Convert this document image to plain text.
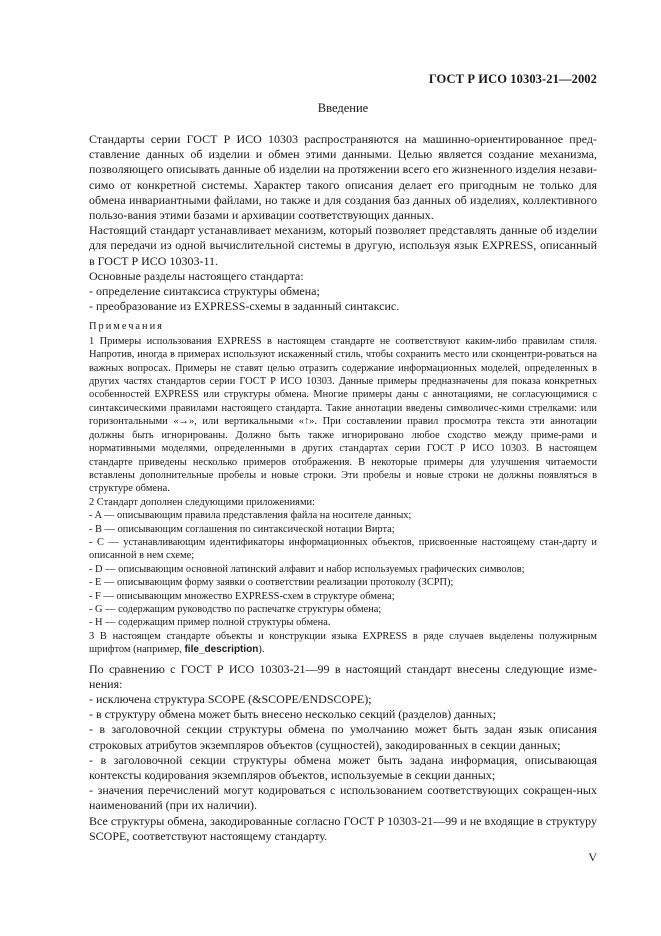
ГОСТ Р ИСО 10303-21—2002
Введение

Стандарты серии ГОСТ Р ИСО 10303 распространяются на машинно-ориентированное пред-ставление данных об изделии и обмен этими данными. Целью является создание механизма, позволяющего описывать данные об изделии на протяжении всего его жизненного изделия незави-симо от конкретной системы. Характер такого описания делает его пригодным не только для обмена инвариантными файлами, но также и для создания баз данных об изделиях, коллективного пользо-вания этими базами и архивации соответствующих данных.

Настоящий стандарт устанавливает механизм, который позволяет представлять данные об изделии для передачи из одной вычислительной системы в другую, используя язык EXPRESS, описанный в ГОСТ Р ИСО 10303-11.

Основные разделы настоящего стандарта:

- определение синтаксиса структуры обмена;

- преобразование из EXPRESS-схемы в заданный синтаксис.

Примечания

1 Примеры использования EXPRESS в настоящем стандарте не соответствуют каким-либо правилам стиля. Напротив, иногда в примерах используют искаженный стиль, чтобы сохранить место или сконцентри-роваться на важных вопросах. Примеры не ставят целью отразить содержание информационных моделей, определенных в других частях стандартов серии ГОСТ Р ИСО 10303. Данные примеры предназначены для показа конкретных особенностей EXPRESS или структуры обмена. Многие примеры даны с аннотациями, не согласующимися с синтаксическими правилами настоящего стандарта. Такие аннотации введены символичес-кими стрелками: или горизонтальными «→», или вертикальными «↑». При составлении правил просмотра текста эти аннотации должны быть игнорированы. Должно быть также игнорировано любое сходство между приме-рами и нормативными моделями, определенными в других стандартах серии ГОСТ Р ИСО 10303. В настоящем стандарте приведены несколько примеров отображения. В некоторые примеры для улучшения читаемости вставлены дополнительные пробелы и новые строки. Эти пробелы и новые строки не должны появляться в структуре обмена.

2 Стандарт дополнен следующими приложениями:

- A — описывающим правила представления файла на носителе данных;

- B — описывающим соглашения по синтаксической нотации Вирта;

- C — устанавливающим идентификаторы информационных объектов, присвоенные настоящему стан-дарту и описанной в нем схеме;

- D — описывающим основной латинский алфавит и набор используемых графических символов;

- E — описывающим форму заявки о соответствии реализации протоколу (ЗСРП);

- F — описывающим множество EXPRESS-схем в структуре обмена;

- G — содержащим руководство по распечатке структуры обмена;

- H — содержащим пример полной структуры обмена.

3 В настоящем стандарте объекты и конструкции языка EXPRESS в ряде случаев выделены полужирным шрифтом (например, file_description).

По сравнению с ГОСТ Р ИСО 10303-21—99 в настоящий стандарт внесены следующие изме-нения:

- исключена структура SCOPE (&SCOPE/ENDSCOPE);

- в структуру обмена может быть внесено несколько секций (разделов) данных;

- в заголовочной секции структуры обмена по умолчанию может быть задан язык описания строковых атрибутов экземпляров объектов (сущностей), закодированных в секции данных;

- в заголовочной секции структуры обмена может быть задана информация, описывающая контексты кодирования экземпляров объектов, используемые в секции данных;

- значения перечислений могут кодироваться с использованием соответствующих сокращен-ных наименований (при их наличии).

Все структуры обмена, закодированные согласно ГОСТ Р 10303-21—99 и не входящие в структуру SCOPE, соответствуют настоящему стандарту.

V
